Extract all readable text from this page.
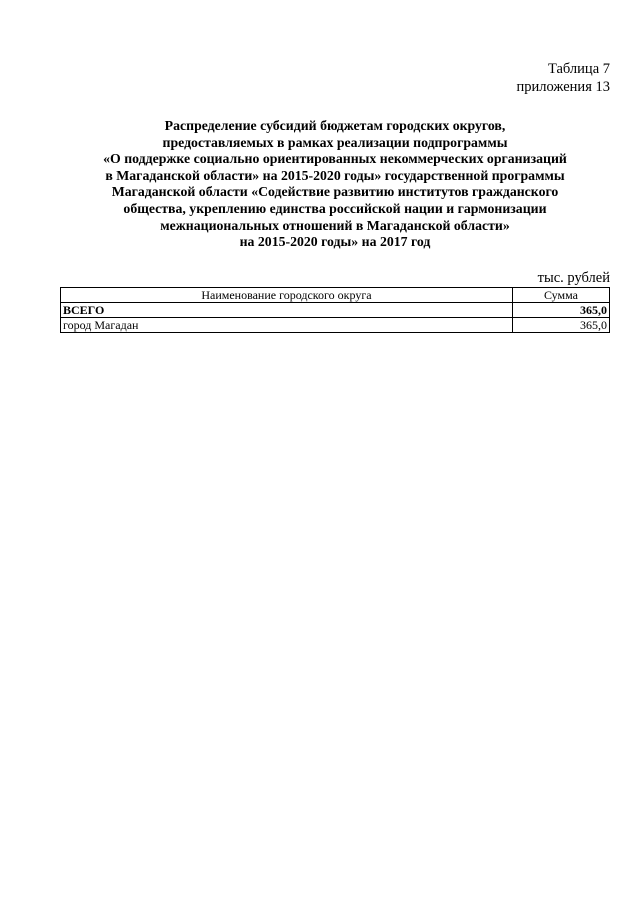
Таблица 7
приложения 13
Распределение субсидий бюджетам городских округов,
предоставляемых в рамках реализации подпрограммы
«О поддержке социально ориентированных некоммерческих организаций
в Магаданской области» на 2015-2020 годы» государственной программы
Магаданской области «Содействие развитию институтов гражданского
общества, укреплению единства российской нации и гармонизации
межнациональных отношений в Магаданской области»
на 2015-2020 годы» на 2017 год
тыс. рублей
Наименование городского округа	Сумма
ВСЕГО	365,0
город Магадан	365,0
